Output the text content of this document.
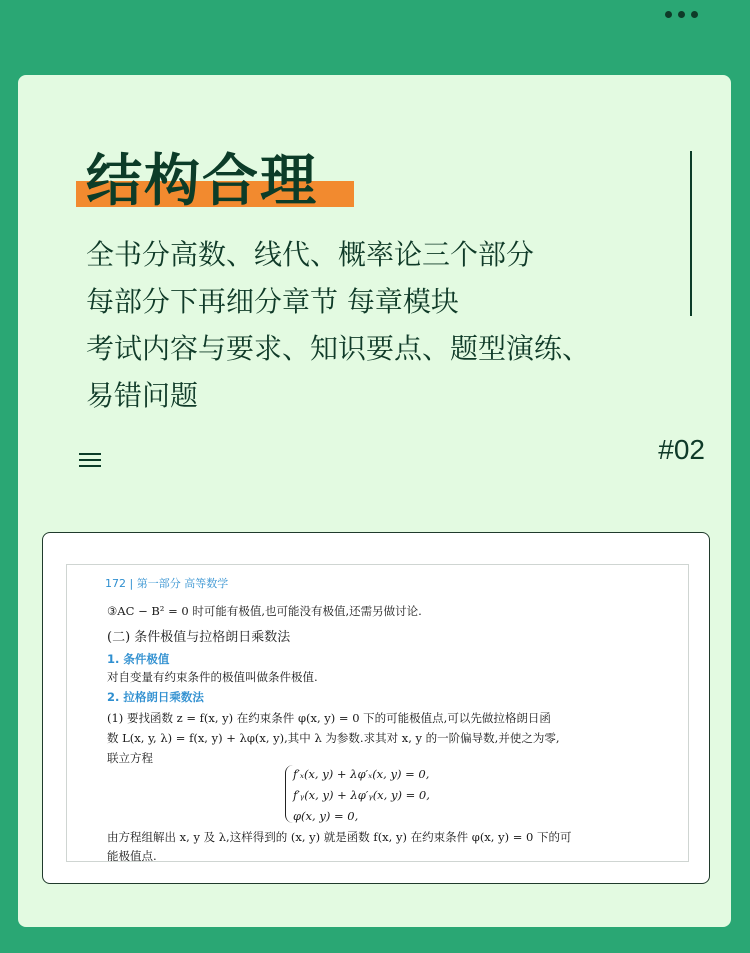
结构合理

全书分高数、线代、概率论三个部分

每部分下再细分章节 每章模块

考试内容与要求、知识要点、题型演练、

易错问题

#02
172 | 第一部分 高等数学
③AC − B² = 0 时可能有极值,也可能没有极值,还需另做讨论.
(二) 条件极值与拉格朗日乘数法
1. 条件极值
对自变量有约束条件的极值叫做条件极值.
2. 拉格朗日乘数法
(1) 要找函数 z = f(x, y) 在约束条件 φ(x, y) = 0 下的可能极值点,可以先做拉格朗日函
数 L(x, y, λ) = f(x, y) + λφ(x, y),其中 λ 为参数.求其对 x, y 的一阶偏导数,并使之为零,
联立方程
f′ₓ(x, y) + λφ′ₓ(x, y) = 0,
f′ᵧ(x, y) + λφ′ᵧ(x, y) = 0,
φ(x, y) = 0,
由方程组解出 x, y 及 λ,这样得到的 (x, y) 就是函数 f(x, y) 在约束条件 φ(x, y) = 0 下的可
能极值点.
